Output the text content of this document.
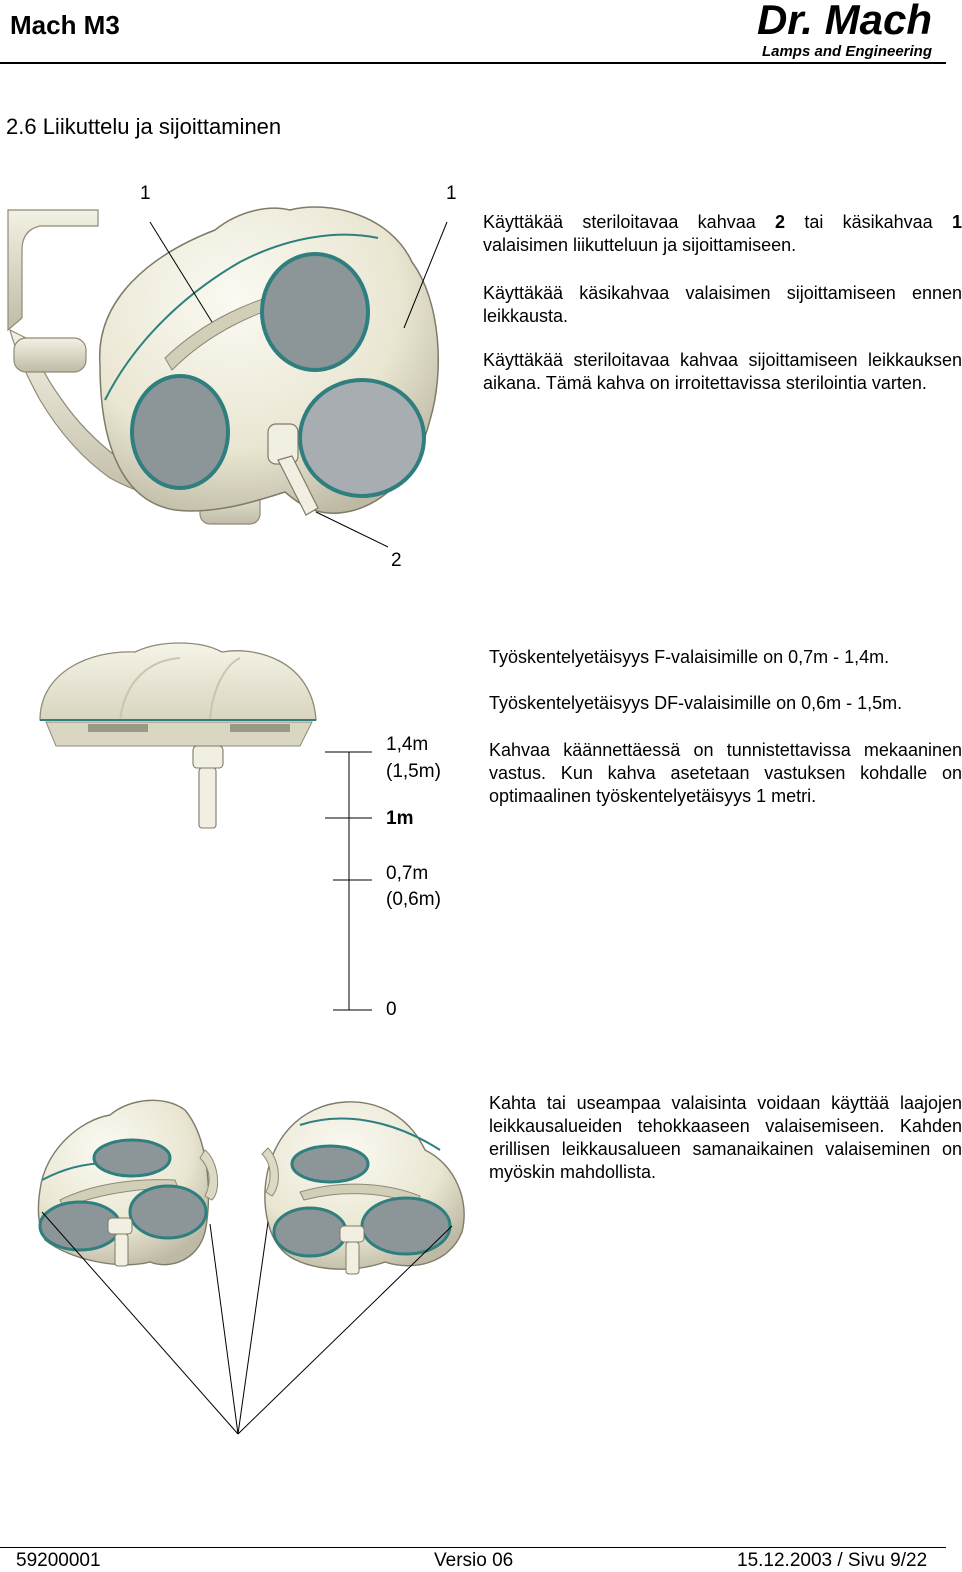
Mach M3	Dr. Mach
Lamps and Engineering
2.6 Liikuttelu ja sijoittaminen
1	1
2
Käyttäkää steriloitavaa kahvaa 2 tai käsikahvaa 1 valaisimen liikutteluun ja sijoittamiseen.
Käyttäkää käsikahvaa valaisimen sijoittamiseen ennen leikkausta.
Käyttäkää steriloitavaa kahvaa sijoittamiseen leikkauksen aikana. Tämä kahva on irroitettavissa sterilointia varten.
1,4m
(1,5m)
1m
0,7m
(0,6m)
0
Työskentelyetäisyys F-valaisimille on 0,7m - 1,4m.
Työskentelyetäisyys DF-valaisimille on 0,6m - 1,5m.
Kahvaa käännettäessä on tunnistettavissa mekaaninen vastus. Kun kahva asetetaan vastuksen kohdalle on optimaalinen työskentelyetäisyys 1 metri.
Kahta tai useampaa valaisinta voidaan käyttää laajojen leikkausalueiden tehokkaaseen valaisemiseen. Kahden erillisen leikkausalueen samanaikainen valaiseminen on myöskin mahdollista.
59200001	Versio 06	15.12.2003 / Sivu 9/22
